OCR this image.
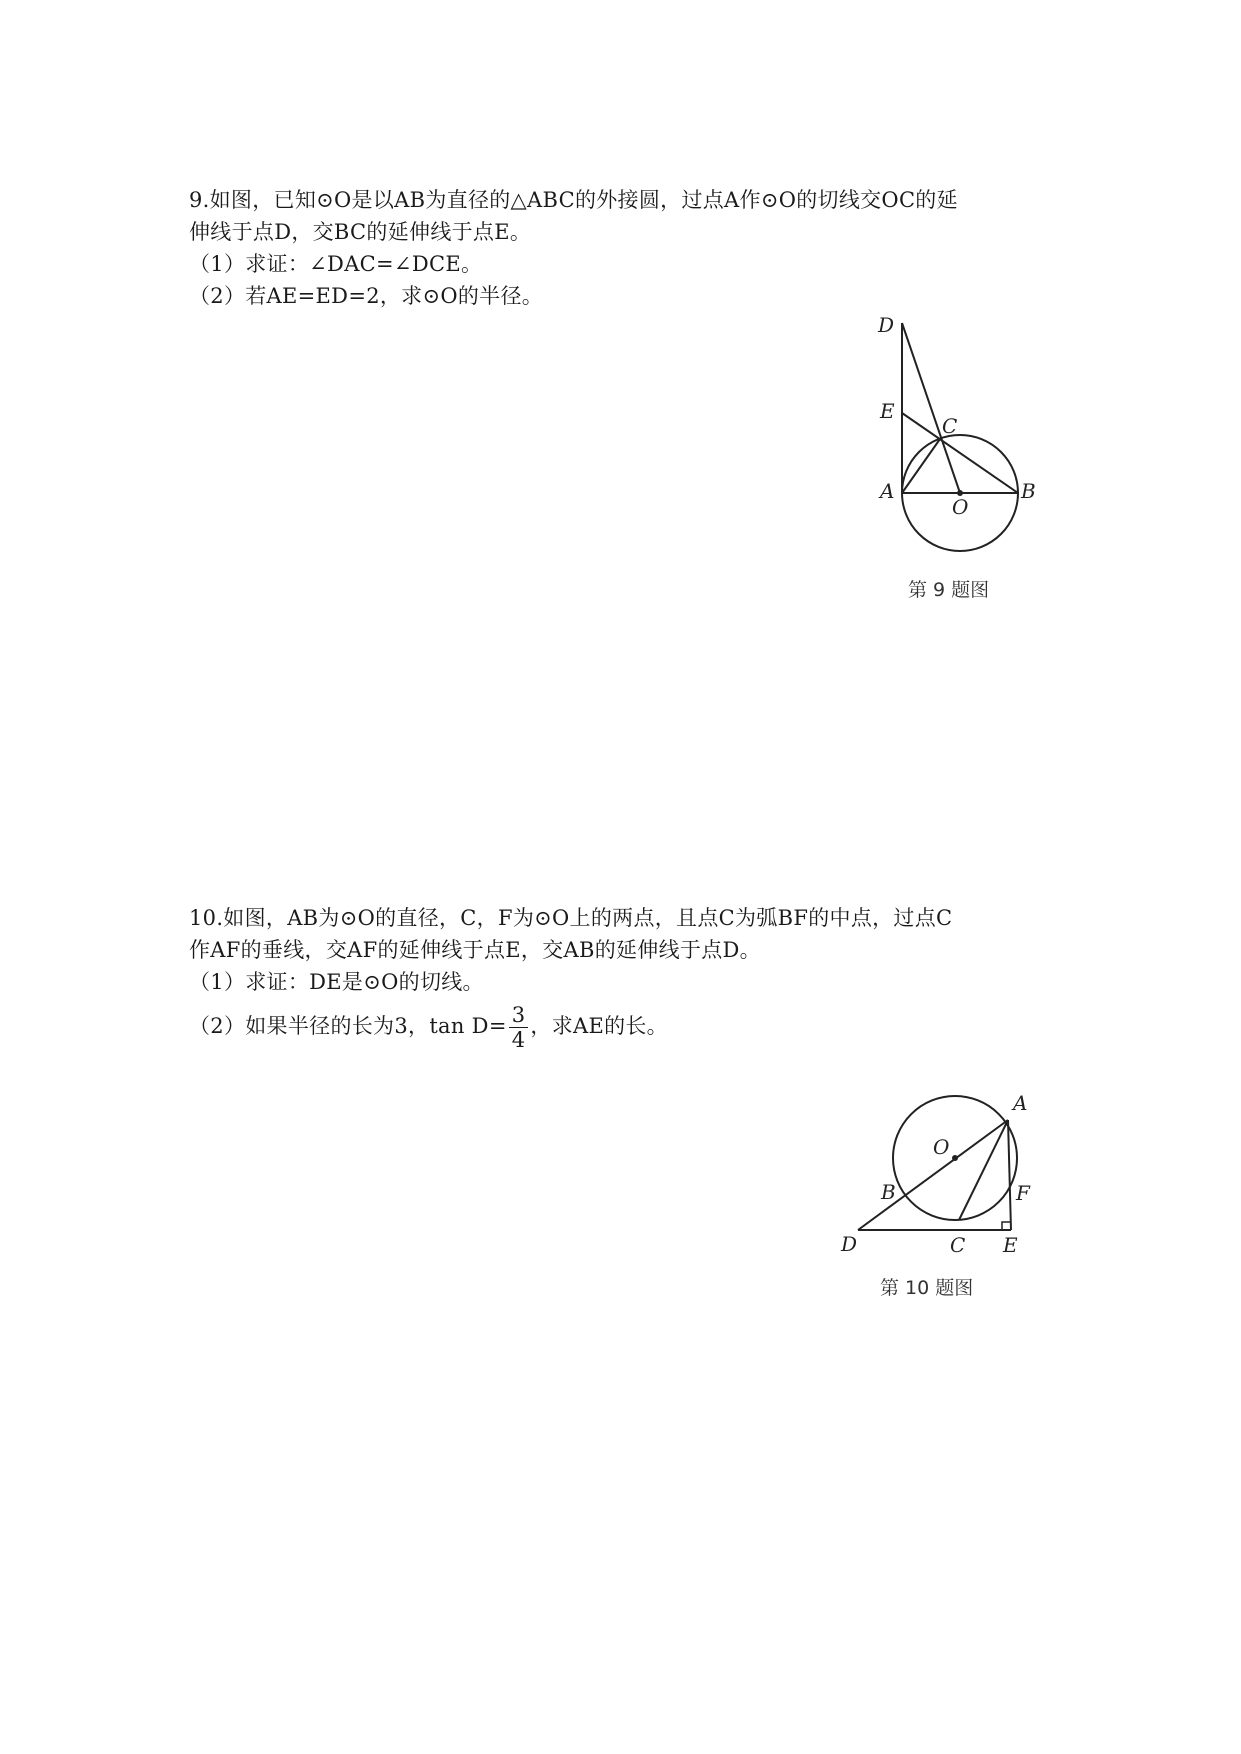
9.如图，已知⊙O是以AB为直径的△ABC的外接圆，过点A作⊙O的切线交OC的延
伸线于点D，交BC的延伸线于点E。
（1）求证：∠DAC=∠DCE。
（2）若AE=ED=2，求⊙O的半径。
D
E
C
A
O
B
第 9 题图
10.如图，AB为⊙O的直径，C，F为⊙O上的两点，且点C为弧BF的中点，过点C
作AF的垂线，交AF的延伸线于点E，交AB的延伸线于点D。
（1）求证：DE是⊙O的切线。
（2）如果半径的长为3，$\tan D= \frac{3}{4}$ ，求AE的长。
A
O
B	F
D	C E
第 10 题图
